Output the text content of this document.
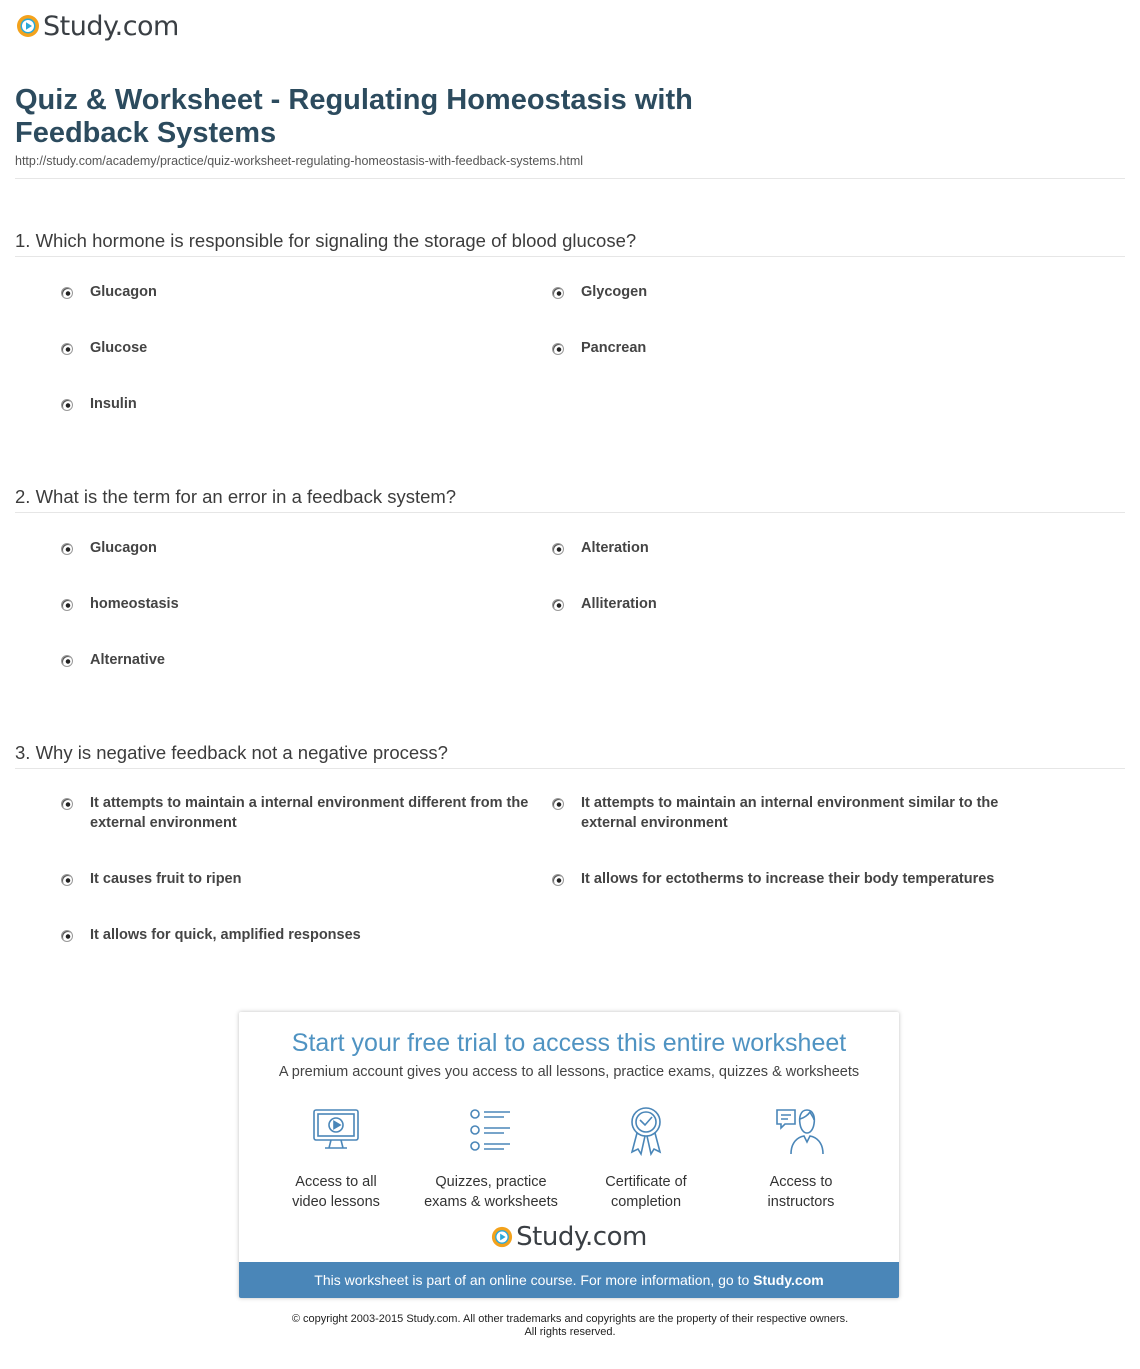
Study.com
Quiz & Worksheet - Regulating Homeostasis with Feedback Systems
http://study.com/academy/practice/quiz-worksheet-regulating-homeostasis-with-feedback-systems.html
1. Which hormone is responsible for signaling the storage of blood glucose?
Glucagon	Glycogen
Glucose	Pancrean
Insulin
2. What is the term for an error in a feedback system?
Glucagon	Alteration
homeostasis	Alliteration
Alternative
3. Why is negative feedback not a negative process?
It attempts to maintain a internal environment different from the external environment
It attempts to maintain an internal environment similar to the external environment
It causes fruit to ripen	It allows for ectotherms to increase their body temperatures
It allows for quick, amplified responses
Start your free trial to access this entire worksheet
A premium account gives you access to all lessons, practice exams, quizzes & worksheets
Access to all
video lessons
Quizzes, practice
exams & worksheets
Certificate of
completion
Access to
instructors
Study.com
This worksheet is part of an online course. For more information, go to Study.com
© copyright 2003-2015 Study.com. All other trademarks and copyrights are the property of their respective owners.
All rights reserved.
